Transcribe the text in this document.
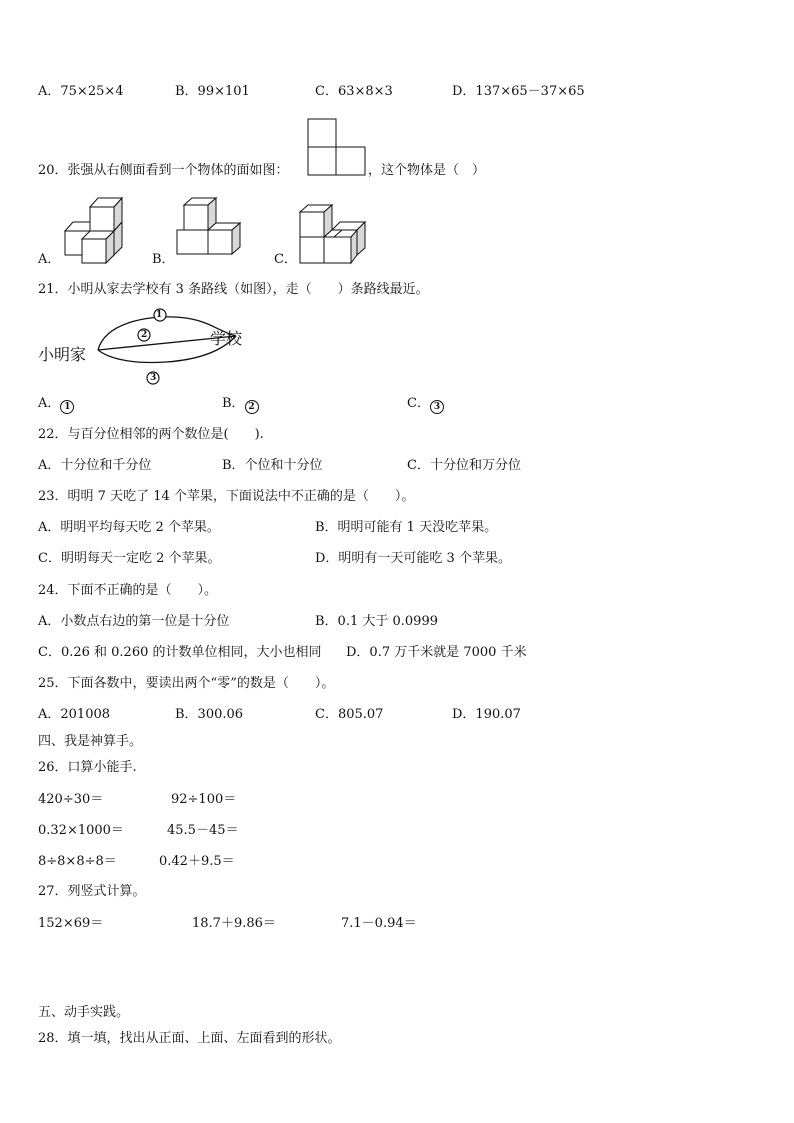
A．75×25×4	B．99×101	C．63×8×3	D．137×65－37×65
20．张强从右侧面看到一个物体的面如图：	，这个物体是（　）
A．	B．	C．
21．小明从家去学校有 3 条路线（如图），走（　　）条路线最近。
1
2
3
小明家
学校
A． 1	B． 2	C． 3
22．与百分位相邻的两个数位是(　　).
A．十分位和千分位	B．个位和十分位	C．十分位和万分位
23．明明 7 天吃了 14 个苹果，下面说法中不正确的是（　　）。
A．明明平均每天吃 2 个苹果。	B．明明可能有 1 天没吃苹果。
C．明明每天一定吃 2 个苹果。	D．明明有一天可能吃 3 个苹果。
24．下面不正确的是（　　）。
A．小数点右边的第一位是十分位	B．0.1 大于 0.0999
C．0.26 和 0.260 的计数单位相同，大小也相同 D．0.7 万千米就是 7000 千米
25．下面各数中，要读出两个“零”的数是（　　）。
A．201008	B．300.06	C．805.07	D．190.07
四、我是神算手。
26．口算小能手.
420÷30＝	92÷100＝
0.32×1000＝	45.5－45＝
8÷8×8÷8＝	0.42＋9.5＝
27．列竖式计算。
152×69＝	18.7＋9.86＝	7.1－0.94＝
五、动手实践。
28．填一填，找出从正面、上面、左面看到的形状。
